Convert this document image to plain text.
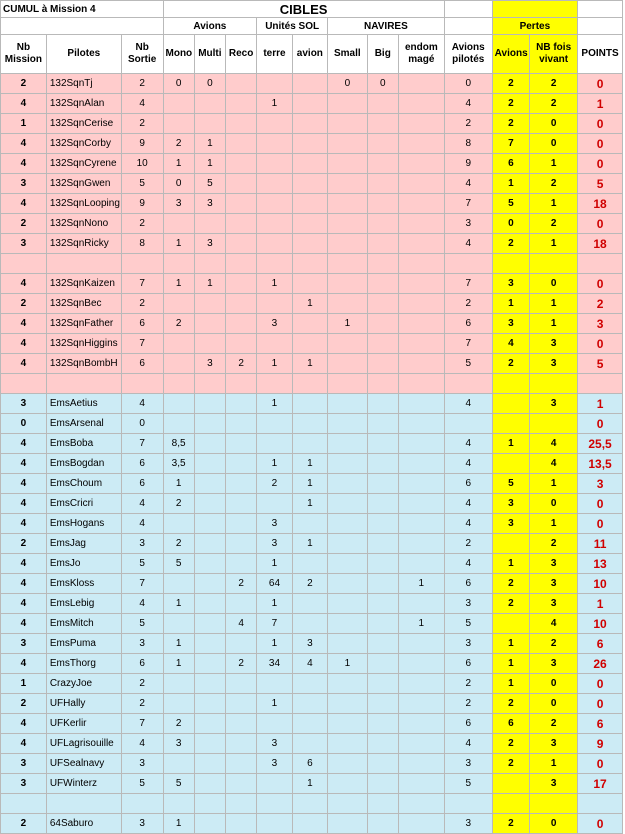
CUMUL à Mission 4			CIBLES											
			Avions			Unités SOL		NAVIRES				Pertes		
Nb Mission	Pilotes	Nb Sortie	Mono	Multi	Reco	terre	avion	Small	Big	endom magé	Avions pilotés	Avions	NB fois vivant	POINTS
2	132SqnTj	2	0	0				0	0		0	2	2	0
4	132SqnAlan	4				1					4	2	2	1
1	132SqnCerise	2									2	2	0	0
4	132SqnCorby	9	2	1							8	7	0	0
4	132SqnCyrene	10	1	1							9	6	1	0
3	132SqnGwen	5	0	5							4	1	2	5
4	132SqnLooping	9	3	3							7	5	1	18
2	132SqnNono	2									3	0	2	0
3	132SqnRicky	8	1	3							4	2	1	18

4	132SqnKaizen	7	1	1		1					7	3	0	0
2	132SqnBec	2					1				2	1	1	2
4	132SqnFather	6	2			3		1			6	3	1	3
4	132SqnHiggins	7									7	4	3	0
4	132SqnBombH	6		3	2	1	1				5	2	3	5

3	EmsAetius	4				1					4		3	1
0	EmsArsenal	0												0
4	EmsBoba	7	8,5								4	1	4	25,5
4	EmsBogdan	6	3,5			1	1				4		4	13,5
4	EmsChoum	6	1			2	1				6	5	1	3
4	EmsCricri	4	2				1				4	3	0	0
4	EmsHogans	4				3					4	3	1	0
2	EmsJag	3	2			3	1				2		2	11
4	EmsJo	5	5			1					4	1	3	13
4	EmsKloss	7			2	64	2			1	6	2	3	10
4	EmsLebig	4	1			1					3	2	3	1
4	EmsMitch	5			4	7				1	5		4	10
3	EmsPuma	3	1			1	3				3	1	2	6
4	EmsThorg	6	1		2	34	4	1			6	1	3	26
1	CrazyJoe	2									2	1	0	0
2	UFHally	2				1					2	2	0	0
4	UFKerlir	7	2								6	6	2	6
4	UFLagrisouille	4	3			3					4	2	3	9
3	UFSealnavy	3				3	6				3	2	1	0
3	UFWinterz	5	5				1				5		3	17

2	64Saburo	3	1								3	2	0	0
